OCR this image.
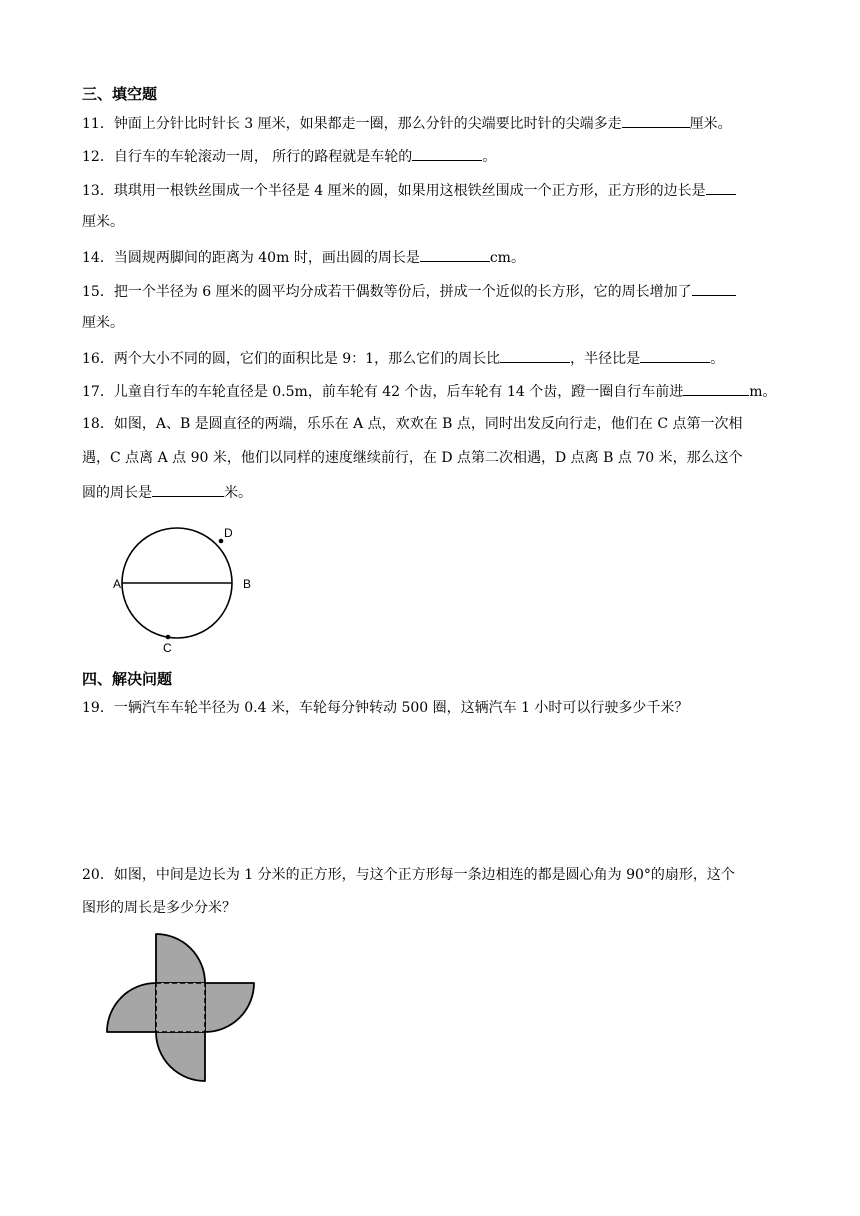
三、填空题
11．钟面上分针比时针长 3 厘米，如果都走一圈，那么分针的尖端要比时针的尖端多走	厘米。
12．自行车的车轮滚动一周， 所行的路程就是车轮的	。
13．琪琪用一根铁丝围成一个半径是 4 厘米的圆，如果用这根铁丝围成一个正方形，正方形的边长是
厘米。
14．当圆规两脚间的距离为 40m 时，画出圆的周长是	cm。
15．把一个半径为 6 厘米的圆平均分成若干偶数等份后，拼成一个近似的长方形，它的周长增加了
厘米。
16．两个大小不同的圆，它们的面积比是 9：1，那么它们的周长比	，半径比是	。
17．儿童自行车的车轮直径是 0.5m，前车轮有 42 个齿，后车轮有 14 个齿，蹬一圈自行车前进	m。
18．如图，A、B 是圆直径的两端，乐乐在 A 点，欢欢在 B 点，同时出发反向行走，他们在 C 点第一次相
遇，C 点离 A 点 90 米，他们以同样的速度继续前行，在 D 点第二次相遇，D 点离 B 点 70 米，那么这个
圆的周长是	米。
A	B
C
D
四、解决问题
19．一辆汽车车轮半径为 0.4 米，车轮每分钟转动 500 圈，这辆汽车 1 小时可以行驶多少千米？
20．如图，中间是边长为 1 分米的正方形，与这个正方形每一条边相连的都是圆心角为 90°的扇形，这个
图形的周长是多少分米？
